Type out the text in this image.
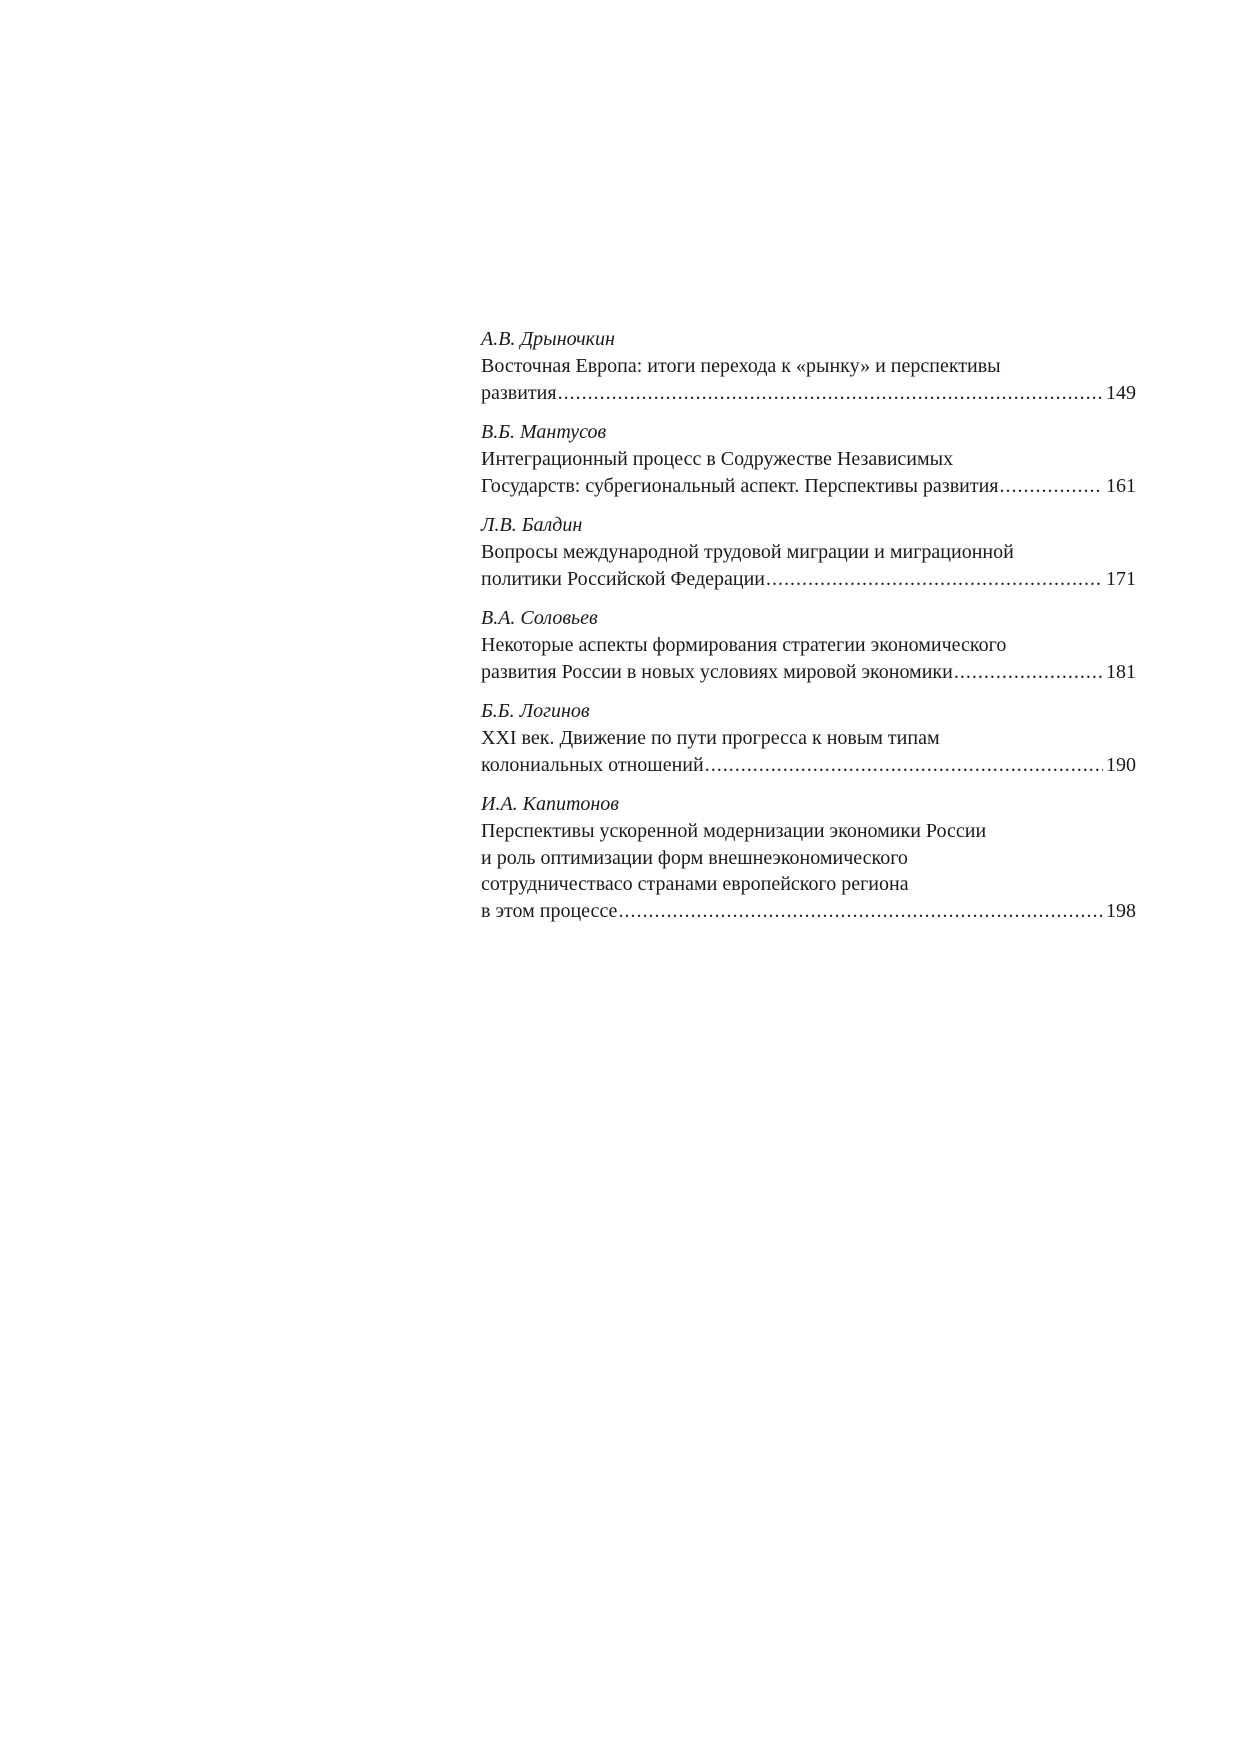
А.В. Дрыночкин
Восточная Европа: итоги перехода к «рынку» и перспективы
развития .....	149
В.Б. Мантусов
Интеграционный процесс в Содружестве Независимых
Государств: субрегиональный аспект. Перспективы развития .....	161
Л.В. Балдин
Вопросы международной трудовой миграции и миграционной
политики Российской Федерации .....	171
В.А. Соловьев
Некоторые аспекты формирования стратегии экономического
развития России в новых условиях мировой экономики .....	181
Б.Б. Логинов
XXI век. Движение по пути прогресса к новым типам
колониальных отношений .....	190
И.А. Капитонов
Перспективы ускоренной модернизации экономики России
и роль оптимизации форм внешнеэкономического
сотрудничествасо странами европейского региона
в этом процессе .....	198
